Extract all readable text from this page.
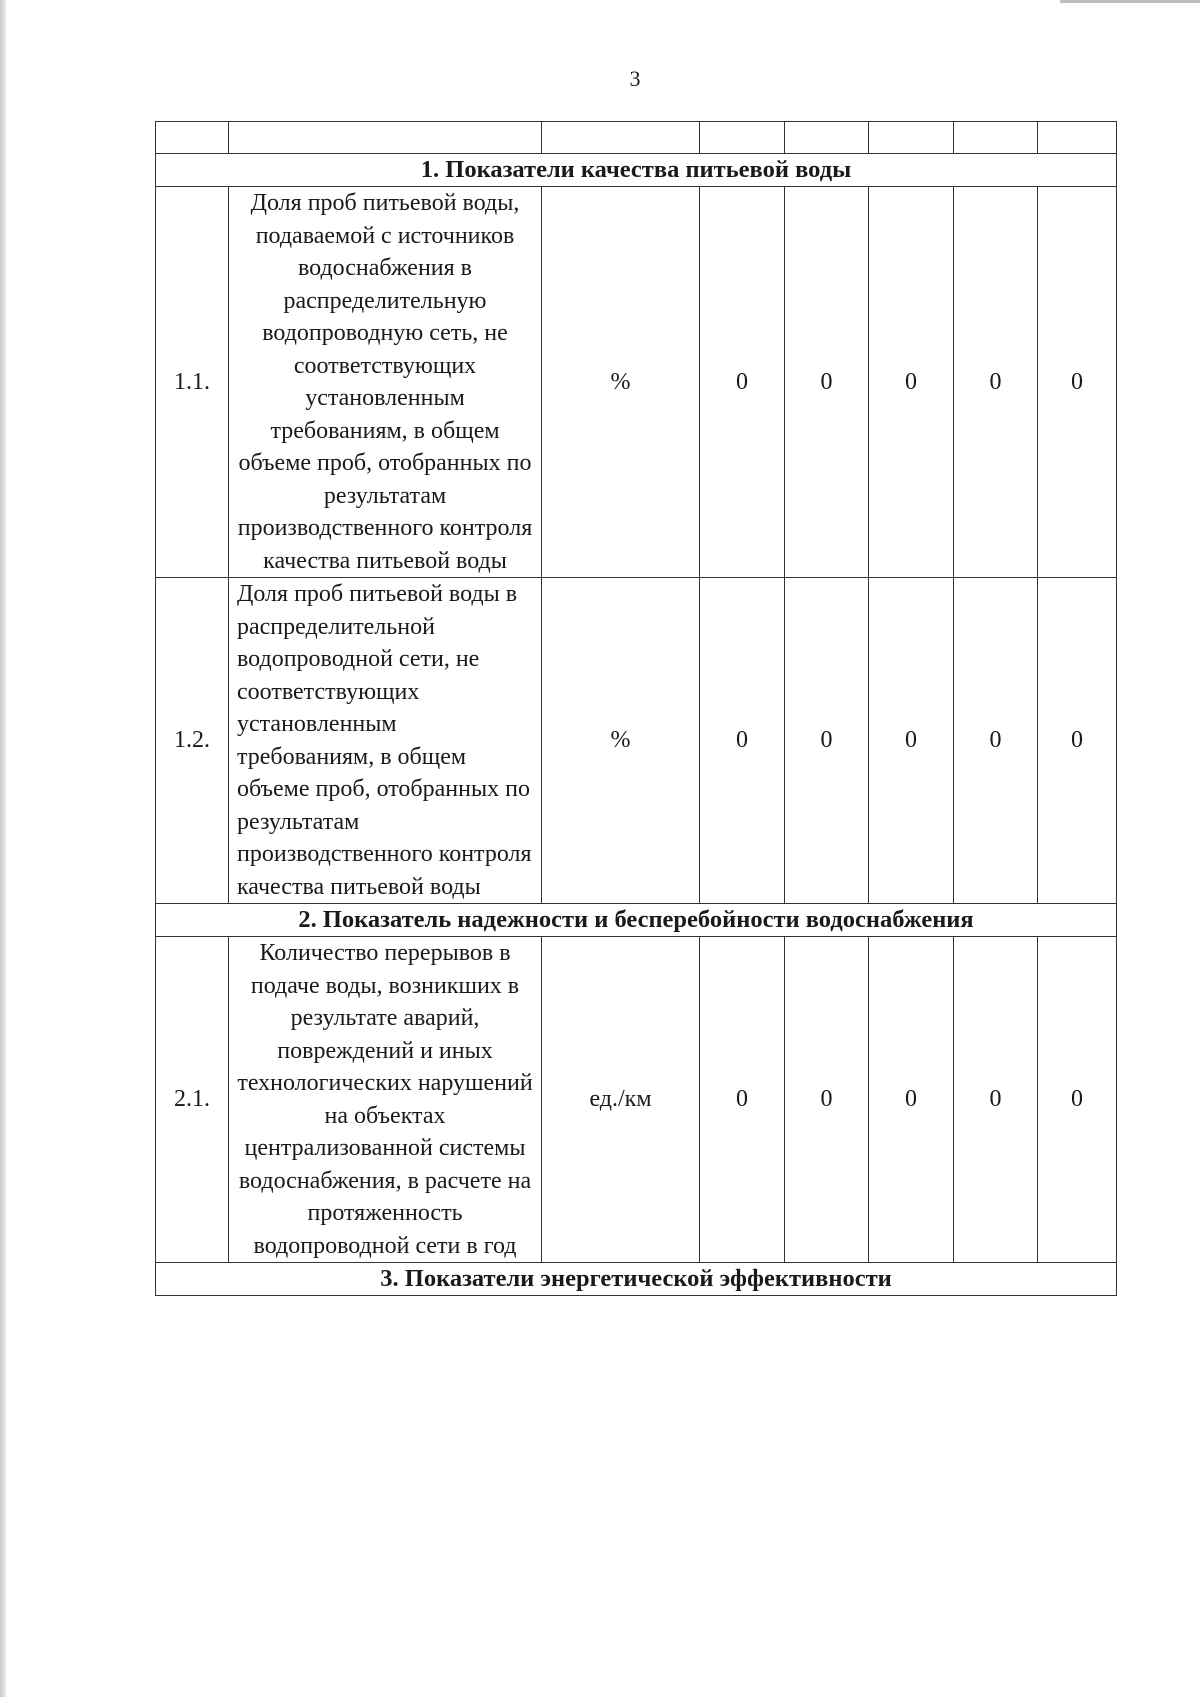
3

1. Показатели качества питьевой воды							
1.1.	Доля проб питьевой воды, подаваемой с источников водоснабжения в распределительную водопроводную сеть, не соответствующих установленным требованиям, в общем объеме проб, отобранных по результатам производственного контроля качества питьевой воды	%	0	0	0	0	0
1.2.	Доля проб питьевой воды в распределительной водопроводной сети, не соответствующих установленным требованиям, в общем объеме проб, отобранных по результатам производственного контроля качества питьевой воды	%	0	0	0	0	0
2. Показатель надежности и бесперебойности водоснабжения							
2.1.	Количество перерывов в подаче воды, возникших в результате аварий, повреждений и иных технологических нарушений на объектах централизованной системы водоснабжения, в расчете на протяженность водопроводной сети в год	ед./км	0	0	0	0	0
3. Показатели энергетической эффективности							
